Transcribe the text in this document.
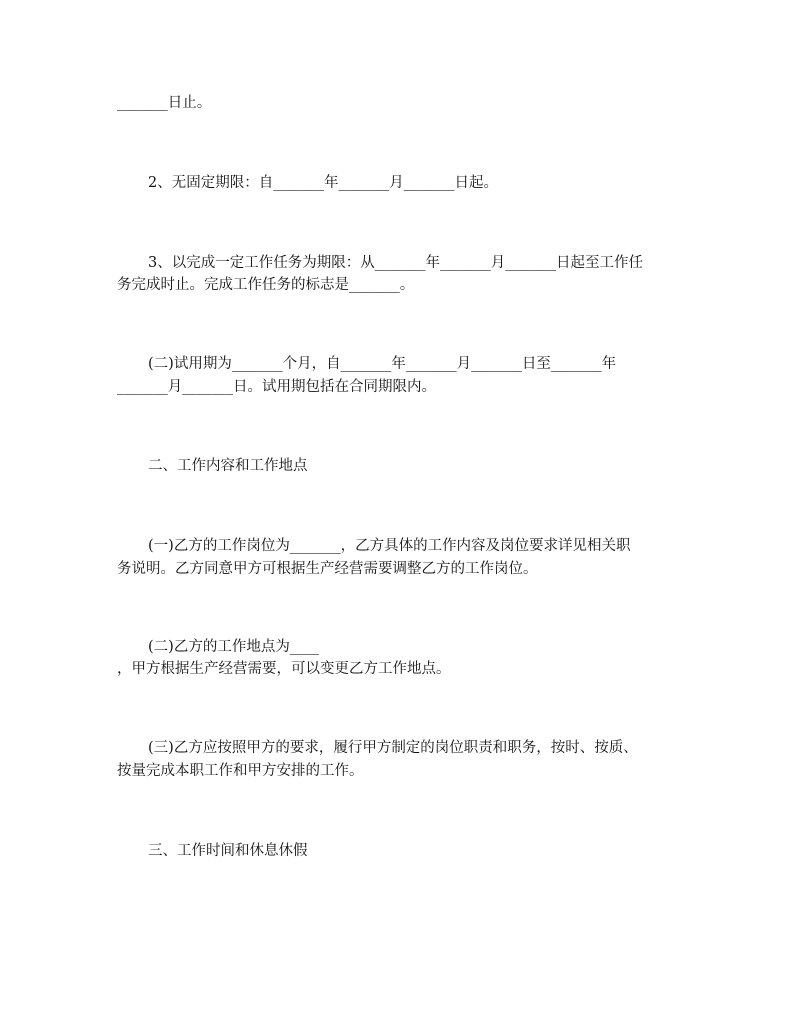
_______日止。
2、无固定期限：自_______年_______月_______日起。
3、以完成一定工作任务为期限：从_______年_______月_______日起至工作任
务完成时止。完成工作任务的标志是_______。
(二)试用期为_______个月，自_______年_______月_______日至_______年
_______月_______日。试用期包括在合同期限内。
二、工作内容和工作地点
(一)乙方的工作岗位为_______，乙方具体的工作内容及岗位要求详见相关职
务说明。乙方同意甲方可根据生产经营需要调整乙方的工作岗位。
(二)乙方的工作地点为____
，甲方根据生产经营需要，可以变更乙方工作地点。
(三)乙方应按照甲方的要求，履行甲方制定的岗位职责和职务，按时、按质、
按量完成本职工作和甲方安排的工作。
三、工作时间和休息休假
